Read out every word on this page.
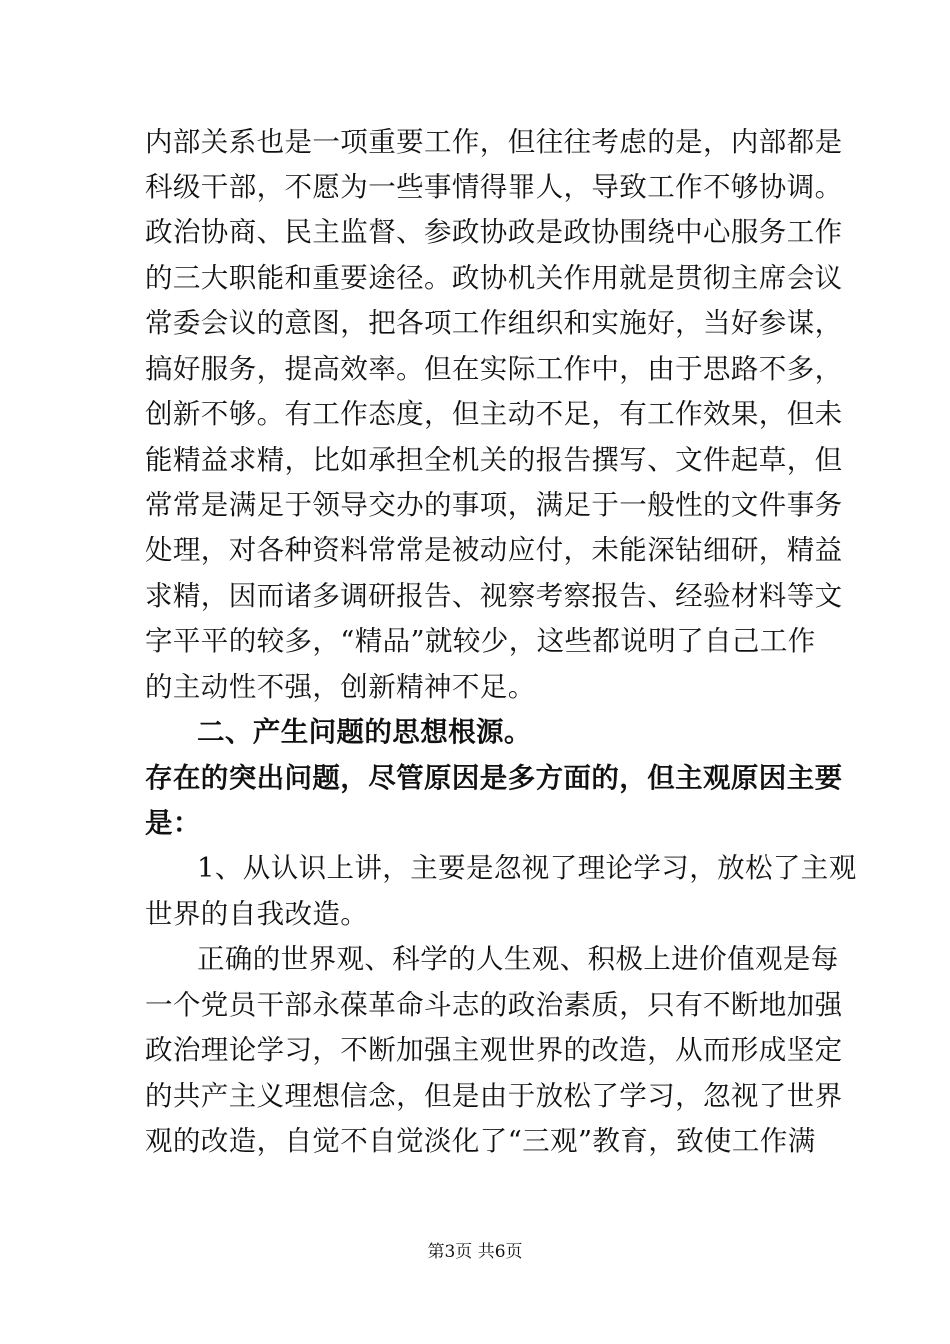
内部关系也是一项重要工作，但往往考虑的是，内部都是
科级干部，不愿为一些事情得罪人，导致工作不够协调。
政治协商、民主监督、参政协政是政协围绕中心服务工作
的三大职能和重要途径。政协机关作用就是贯彻主席会议
常委会议的意图，把各项工作组织和实施好，当好参谋，
搞好服务，提高效率。但在实际工作中，由于思路不多，
创新不够。有工作态度，但主动不足，有工作效果，但未
能精益求精，比如承担全机关的报告撰写、文件起草，但
常常是满足于领导交办的事项，满足于一般性的文件事务
处理，对各种资料常常是被动应付，未能深钻细研，精益
求精，因而诸多调研报告、视察考察报告、经验材料等文
字平平的较多，“精品”就较少，这些都说明了自己工作
的主动性不强，创新精神不足。
二、产生问题的思想根源。
存在的突出问题，尽管原因是多方面的，但主观原因主要
是：
1、从认识上讲，主要是忽视了理论学习，放松了主观
世界的自我改造。
正确的世界观、科学的人生观、积极上进价值观是每
一个党员干部永葆革命斗志的政治素质，只有不断地加强
政治理论学习，不断加强主观世界的改造，从而形成坚定
的共产主义理想信念，但是由于放松了学习，忽视了世界
观的改造，自觉不自觉淡化了“三观”教育，致使工作满
第3页 共6页
